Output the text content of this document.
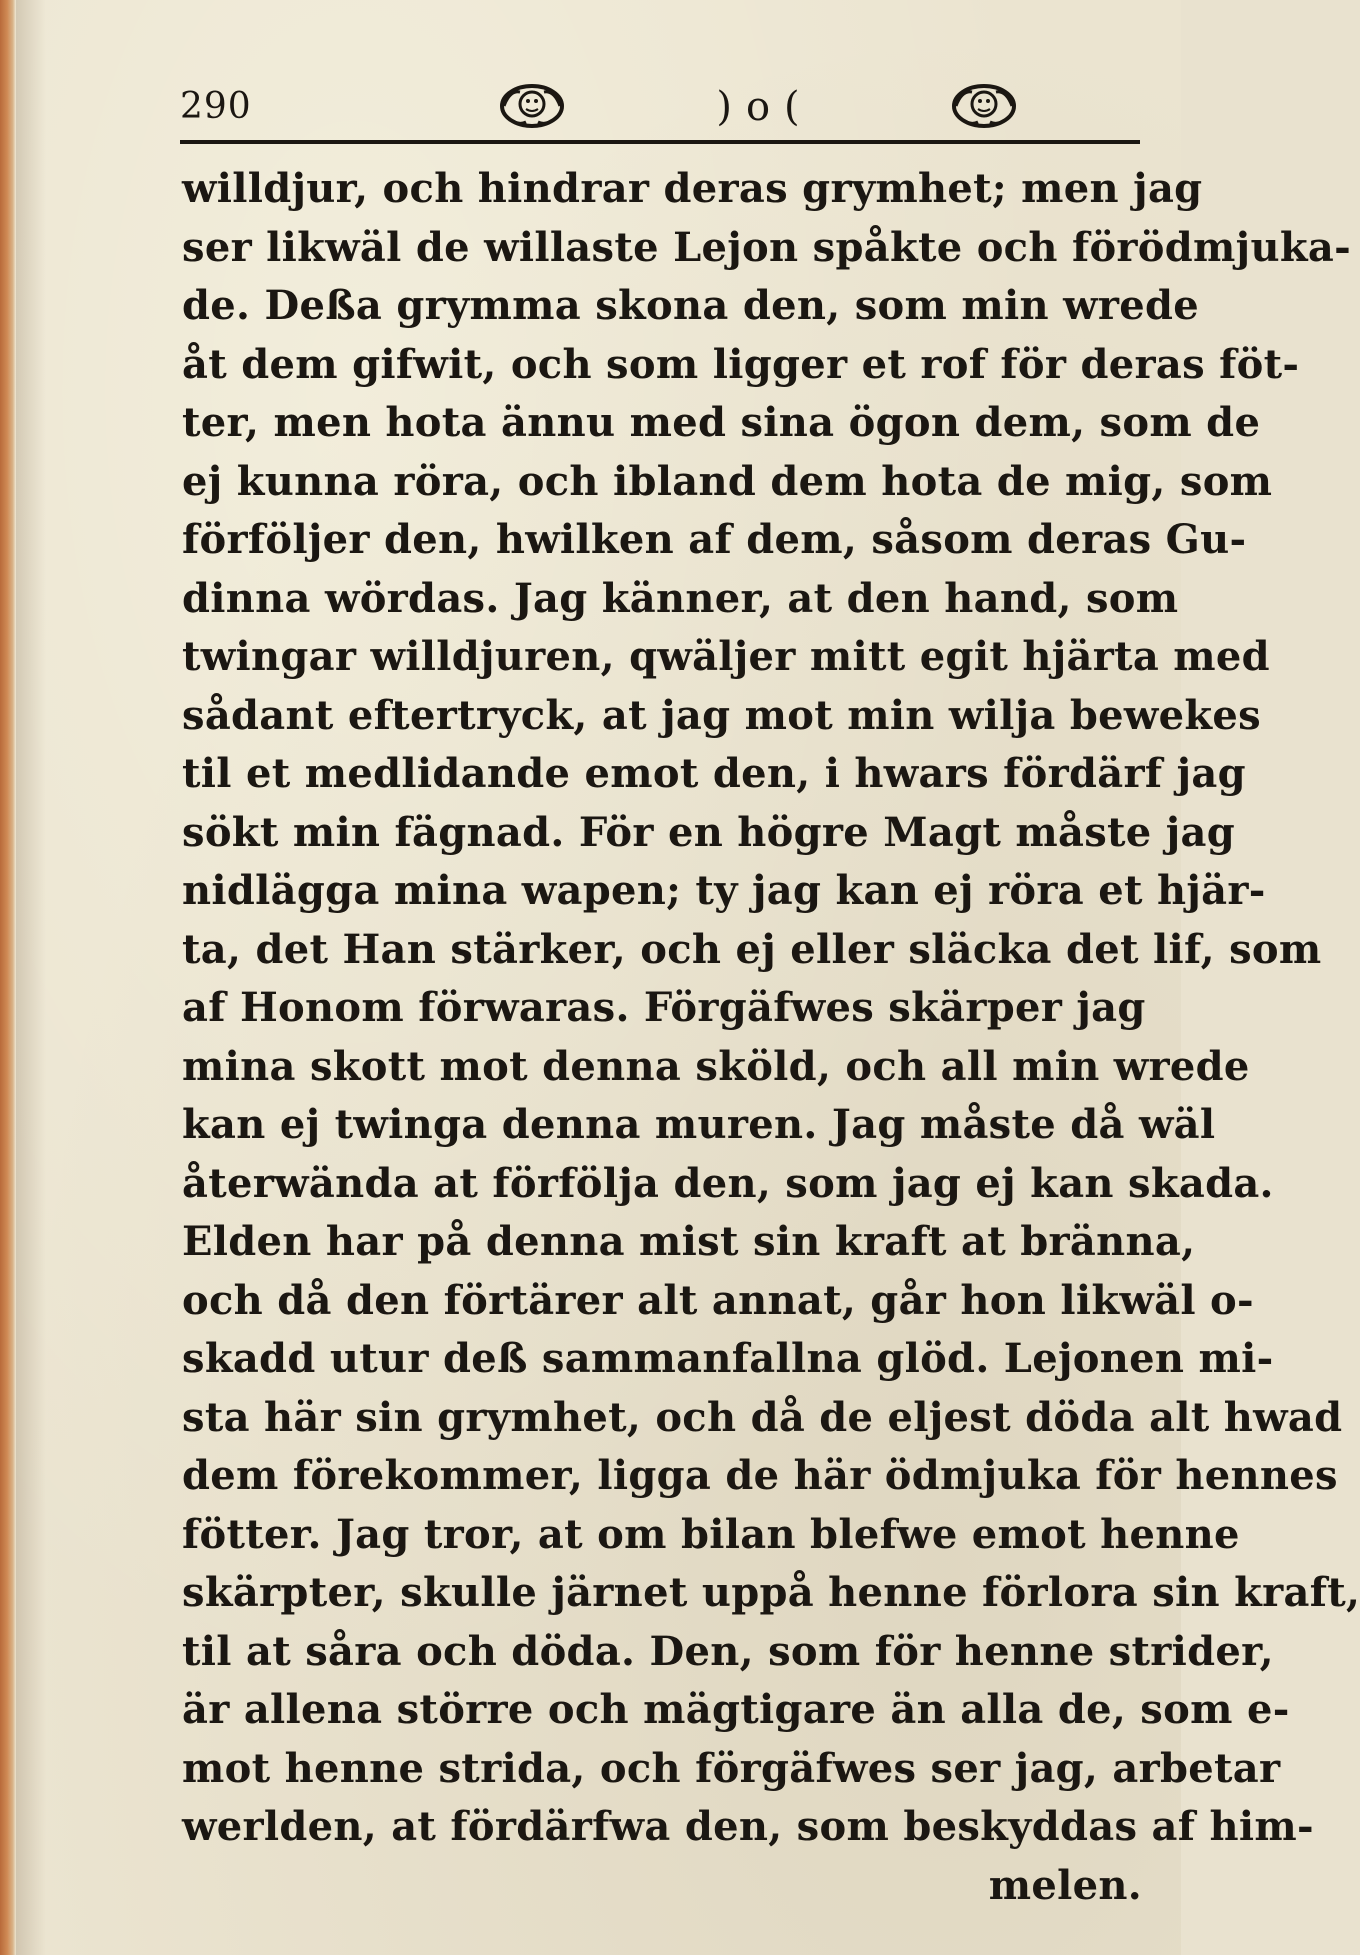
290	)o(
willdjur, och hindrar deras grymhet; men jag
ser likwäl de willaste Lejon spåkte och förödmjuka-
de. Deßa grymma skona den, som min wrede
åt dem gifwit, och som ligger et rof för deras föt-
ter, men hota ännu med sina ögon dem, som de
ej kunna röra, och ibland dem hota de mig, som
förföljer den, hwilken af dem, såsom deras Gu-
dinna wördas. Jag känner, at den hand, som
twingar willdjuren, qwäljer mitt egit hjärta med
sådant eftertryck, at jag mot min wilja bewekes
til et medlidande emot den, i hwars fördärf jag
sökt min fägnad. För en högre Magt måste jag
nidlägga mina wapen; ty jag kan ej röra et hjär-
ta, det Han stärker, och ej eller släcka det lif, som
af Honom förwaras. Förgäfwes skärper jag
mina skott mot denna sköld, och all min wrede
kan ej twinga denna muren. Jag måste då wäl
återwända at förfölja den, som jag ej kan skada.
Elden har på denna mist sin kraft at bränna,
och då den förtärer alt annat, går hon likwäl o-
skadd utur deß sammanfallna glöd. Lejonen mi-
sta här sin grymhet, och då de eljest döda alt hwad
dem förekommer, ligga de här ödmjuka för hennes
fötter. Jag tror, at om bilan blefwe emot henne
skärpter, skulle järnet uppå henne förlora sin kraft,
til at såra och döda. Den, som för henne strider,
är allena större och mägtigare än alla de, som e-
mot henne strida, och förgäfwes ser jag, arbetar
werlden, at fördärfwa den, som beskyddas af him-
melen.
